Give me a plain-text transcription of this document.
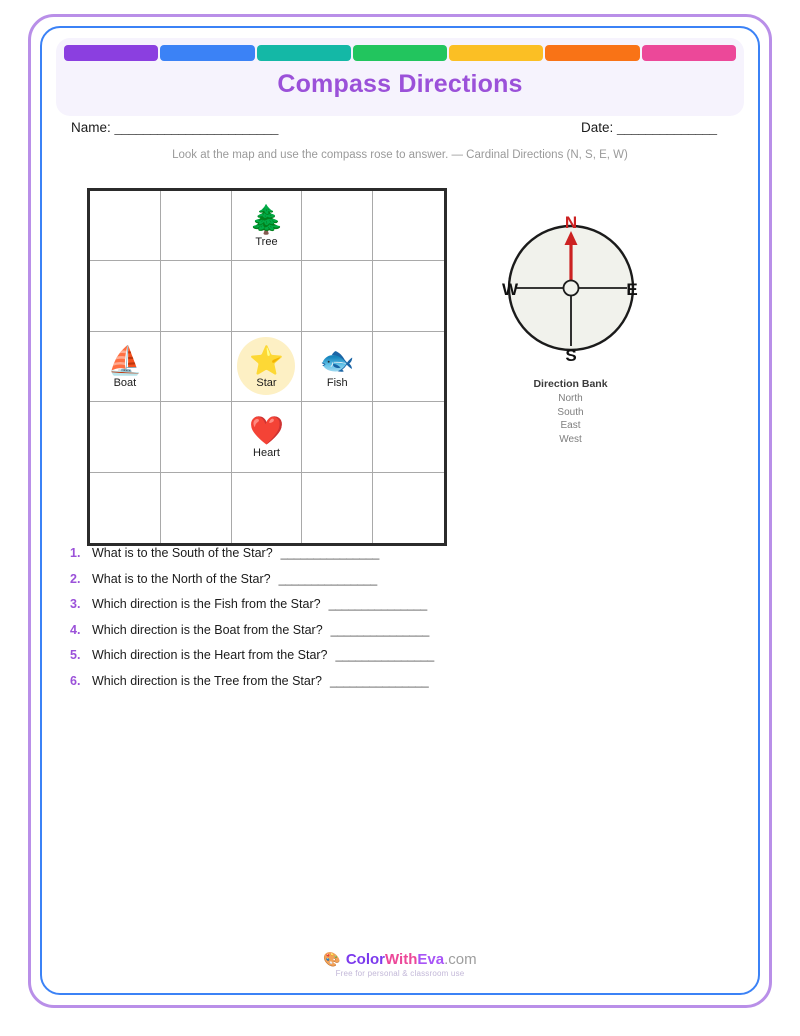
Compass Directions
Name: _______________________	Date: ______________
Look at the map and use the compass rose to answer. — Cardinal Directions (N, S, E, W)
🌲
Tree
⛵
Boat
⭐
Star
🐟
Fish
❤️
Heart
N
S
W	E
Direction Bank
North
South
East
West
1. What is to the South of the Star? _______________
2. What is to the North of the Star? _______________
3. Which direction is the Fish from the Star? _______________
4. Which direction is the Boat from the Star? _______________
5. Which direction is the Heart from the Star? _______________
6. Which direction is the Tree from the Star? _______________
🎨 ColorWithEva.com
Free for personal & classroom use
